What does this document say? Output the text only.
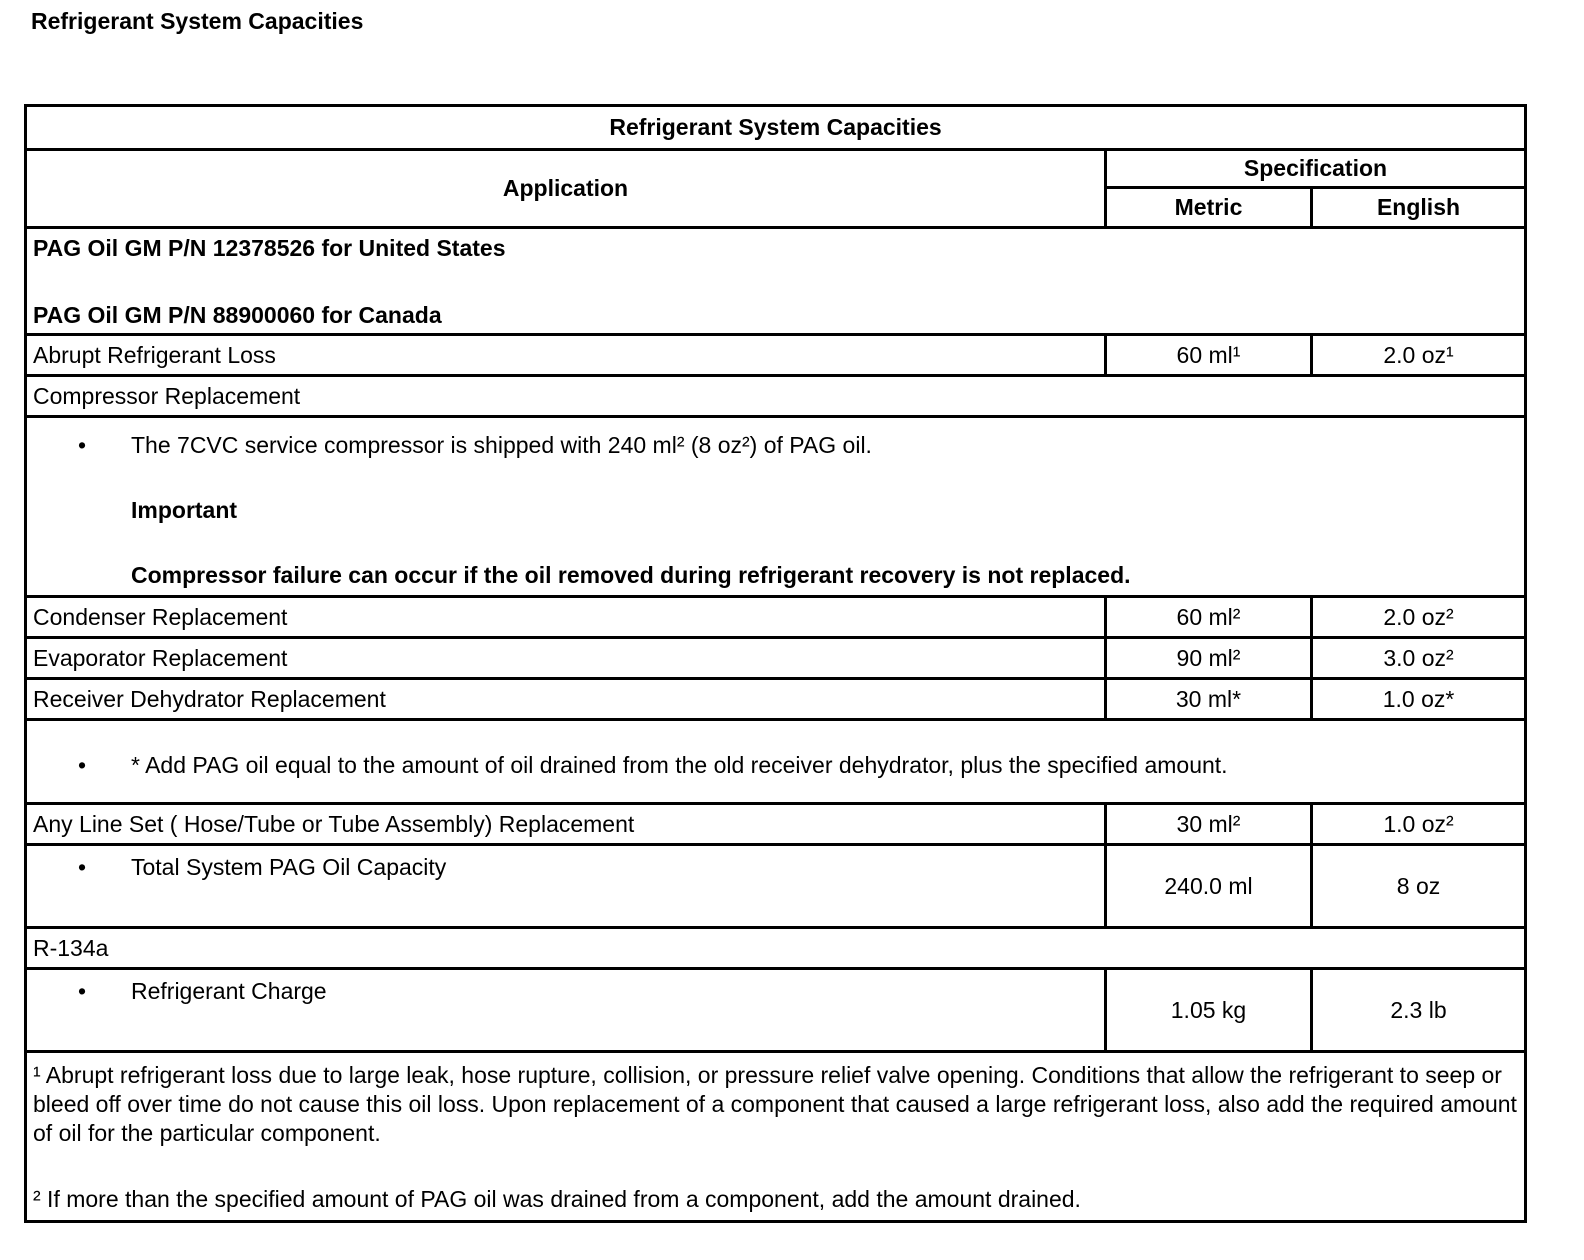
Refrigerant System Capacities
Refrigerant System Capacities		
Application	Specification	
	Metric	English

PAG Oil GM P/N 12378526 for United States
PAG Oil GM P/N 88900060 for Canada		

Abrupt Refrigerant Loss	60 ml¹	2.0 oz¹
Compressor Replacement		

• The 7CVC service compressor is shipped with 240 ml² (8 oz²) of PAG oil.
Important
Compressor failure can occur if the oil removed during refrigerant recovery is not replaced.		

Condenser Replacement	60 ml²	2.0 oz²
Evaporator Replacement	90 ml²	3.0 oz²
Receiver Dehydrator Replacement	30 ml*	1.0 oz*

• * Add PAG oil equal to the amount of oil drained from the old receiver dehydrator, plus the specified amount.		

Any Line Set ( Hose/Tube or Tube Assembly) Replacement	30 ml²	1.0 oz²

• Total System PAG Oil Capacity	240.0 ml	8 oz
R-134a		

• Refrigerant Charge	1.05 kg	2.3 lb

¹ Abrupt refrigerant loss due to large leak, hose rupture, collision, or pressure relief valve opening. Conditions that allow the refrigerant to seep or bleed off over time do not cause this oil loss. Upon replacement of a component that caused a large refrigerant loss, also add the required amount of oil for the particular component.

² If more than the specified amount of PAG oil was drained from a component, add the amount drained.		
